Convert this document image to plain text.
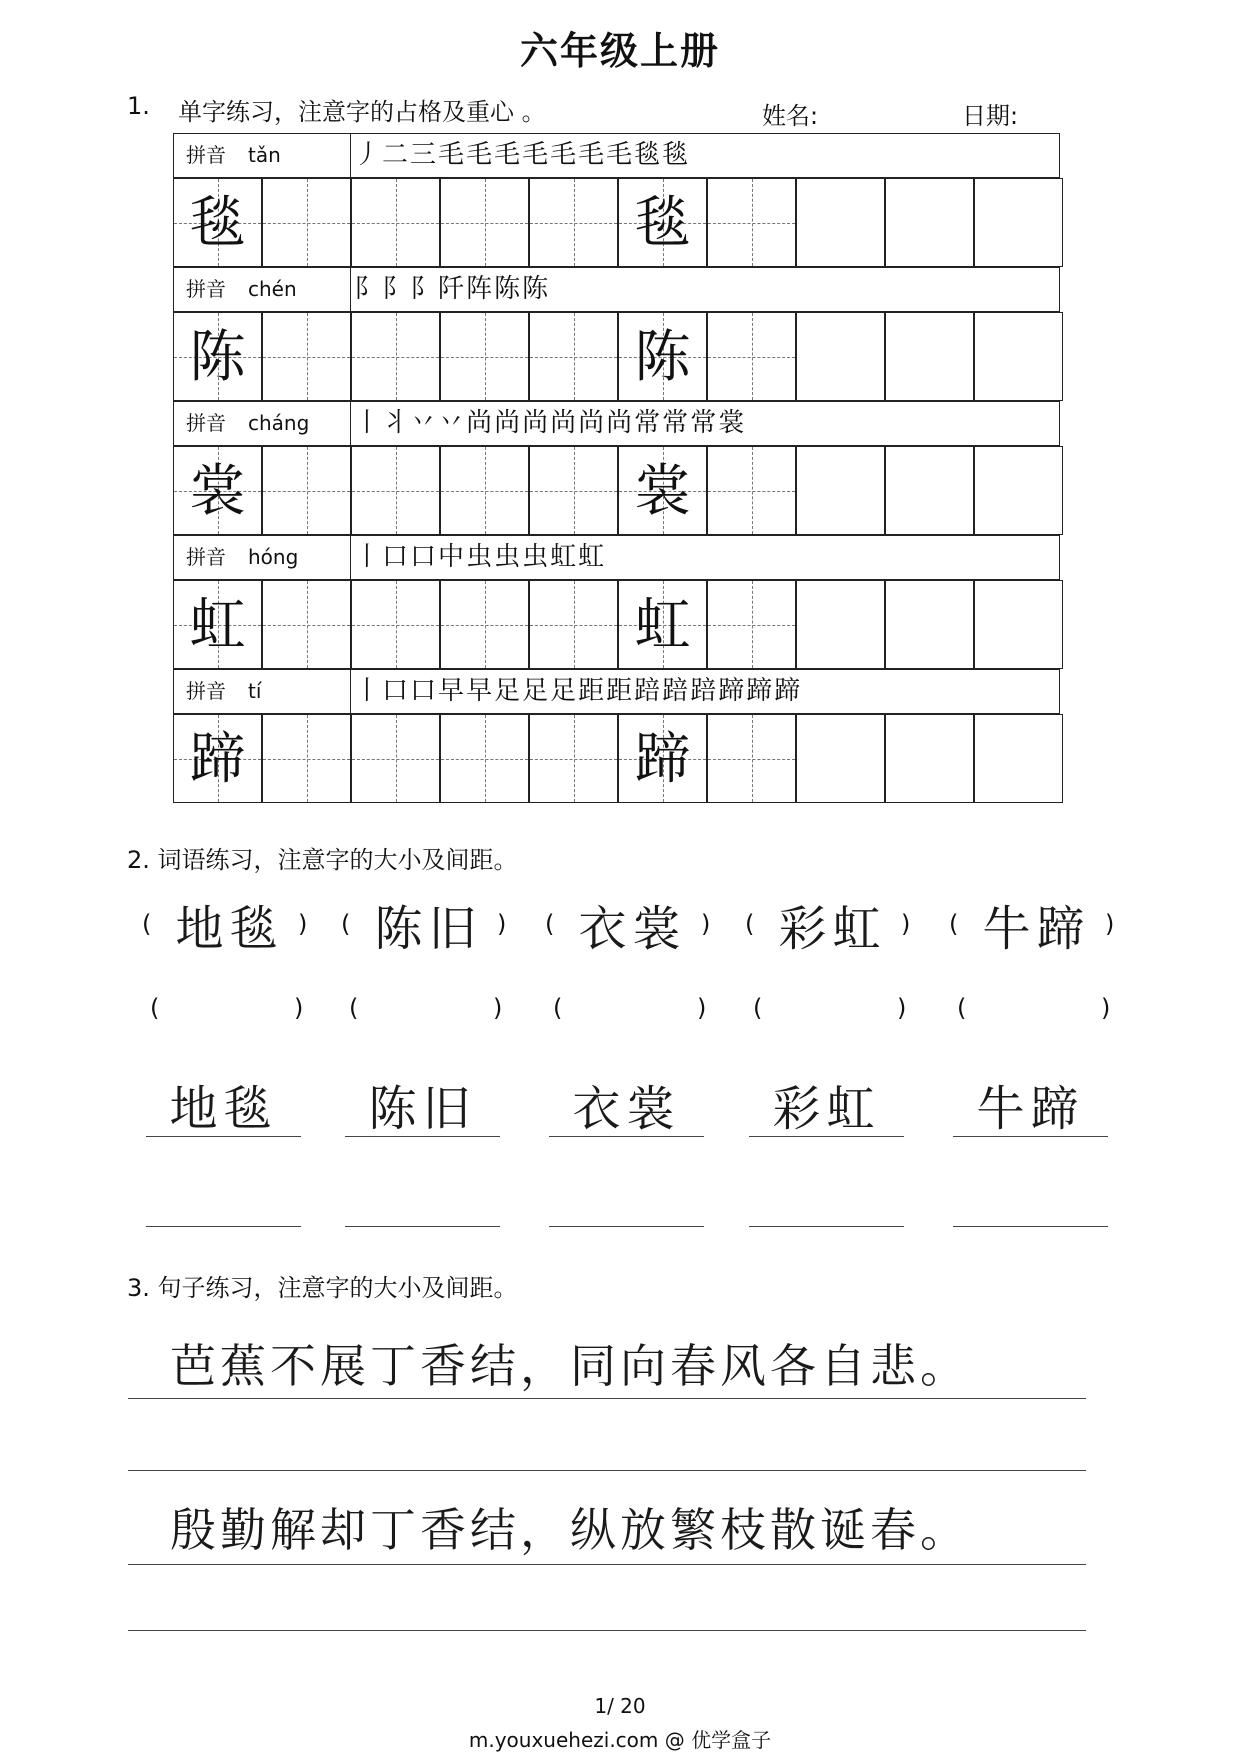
六年级上册
1. 单字练习，注意字的占格及重心 。	姓名:	日期:
拼音 tǎn	丿二三毛毛毛毛毛毛毛毯毯
毯	毯
拼音 chén	阝阝阝阡阵陈陈
陈	陈
拼音 cháng	丨丬丷丷尚尚尚尚尚尚常常常裳
裳	裳
拼音 hóng	丨口口中虫虫虫虹虹
虹	虹
拼音 tí	丨口口早早足足足距距踣踣踣蹄蹄蹄
蹄	蹄
2. 词语练习，注意字的大小及间距。
( 地毯 )
(	)
地毯
( 陈旧 )
(	)
陈旧
( 衣裳 )
(	)
衣裳
( 彩虹 )
(	)
彩虹
( 牛蹄 )
(	)
牛蹄
3. 句子练习，注意字的大小及间距。
芭蕉不展丁香结，同向春风各自悲。
殷勤解却丁香结，纵放繁枝散诞春。
1/ 20
m.youxuehezi.com @ 优学盒子
